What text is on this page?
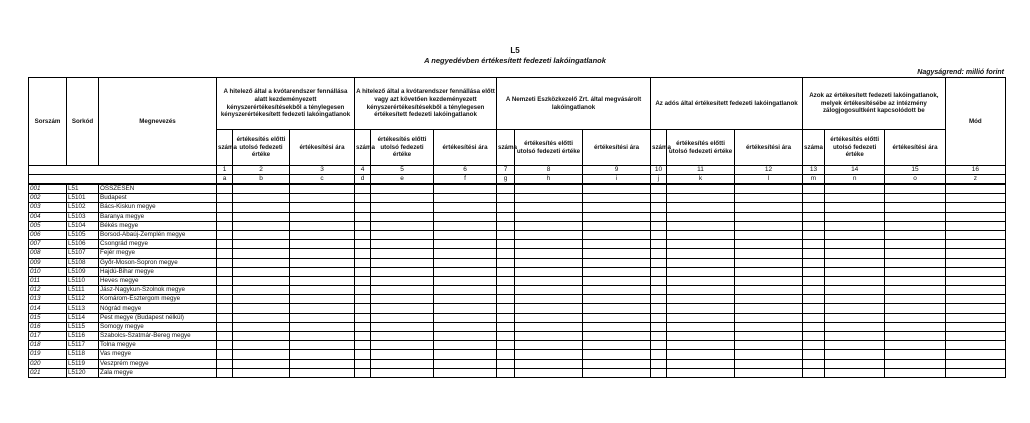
L5
A negyedévben értékesített fedezeti lakóingatlanok
Nagyságrend: millió forint
Sorszám	Sorkód	Megnevezés	A hitelező által a kvótarendszer fennállása alatt kezdeményezett kényszerértékesítésekből a ténylegesen kényszerértékesített fedezeti lakóingatlanok			A hitelező által a kvótarendszer fennállása előtt vagy azt követően kezdeményezett kényszerértékesítésekből a ténylegesen értékesített fedezeti lakóingatlanok			A Nemzeti Eszközkezelő Zrt. által megvásárolt lakóingatlanok			Az adós által értékesített fedezeti lakóingatlanok			Azok az értékesített fedezeti lakóingatlanok, melyek értékesítésébe az intézmény zálogjogosultként kapcsolódott be			Mód
			száma	értékesítés előtti utolsó fedezeti értéke	értékesítési ára	száma	értékesítés előtti utolsó fedezeti értéke	értékesítési ára	száma	értékesítés előtti utolsó fedezeti értéke	értékesítési ára	száma	értékesítés előtti utolsó fedezeti értéke	értékesítési ára	száma	értékesítés előtti utolsó fedezeti értéke	értékesítési ára	
			1	2	3	4	5	6	7	8	9	10	11	12	13	14	15	16
			a	b	c	d	e	f	g	h	i	j	k	l	m	n	o	z
001	L51	ÖSSZESEN																
002	L5101	Budapest																
003	L5102	Bács-Kiskun megye																
004	L5103	Baranya megye																
005	L5104	Békés megye																
006	L5105	Borsod-Abaúj-Zemplén megye																
007	L5106	Csongrád megye																
008	L5107	Fejér megye																
009	L5108	Győr-Moson-Sopron megye																
010	L5109	Hajdú-Bihar megye																
011	L5110	Heves megye																
012	L5111	Jász-Nagykun-Szolnok megye																
013	L5112	Komárom-Esztergom megye																
014	L5113	Nógrád megye																
015	L5114	Pest megye (Budapest nélkül)																
016	L5115	Somogy megye																
017	L5116	Szabolcs-Szatmár-Bereg megye																
018	L5117	Tolna megye																
019	L5118	Vas megye																
020	L5119	Veszprém megye																
021	L5120	Zala megye																
